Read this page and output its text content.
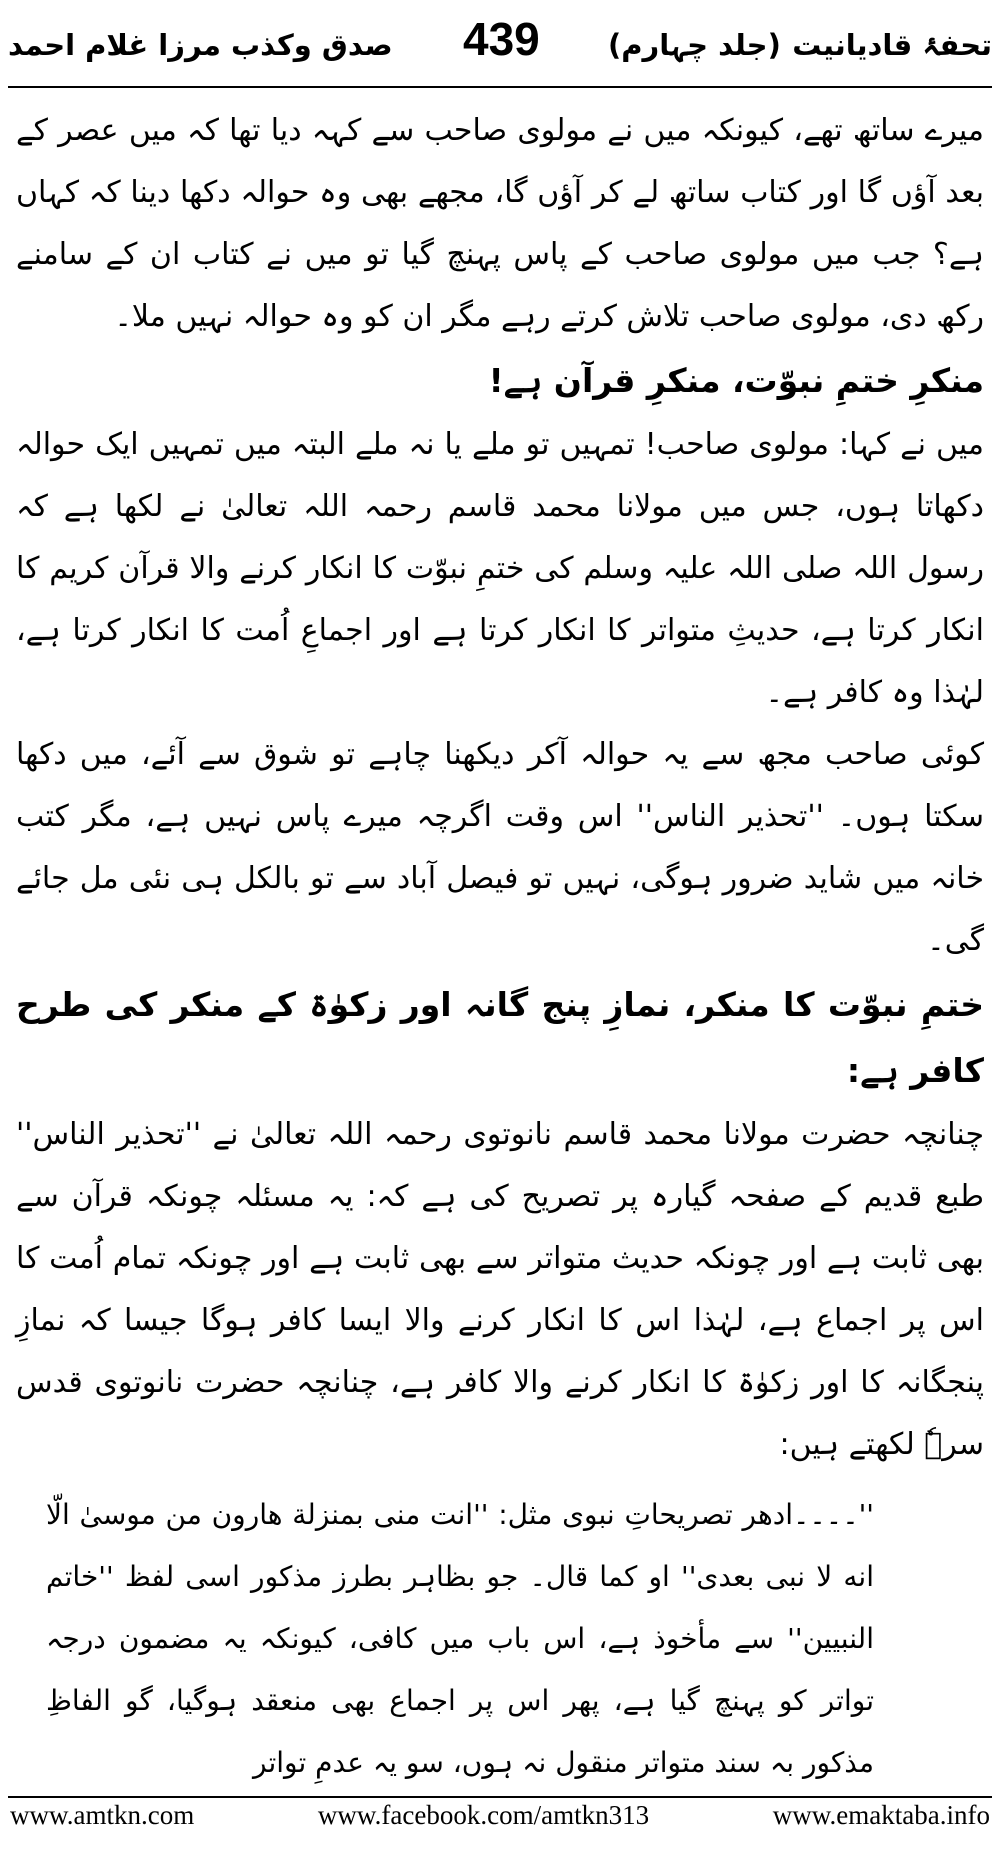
صدق وکذب مرزا غلام احمد 439 (جلد چہارم) تحفۂ قادیانیت

میرے ساتھ تھے، کیونکہ میں نے مولوی صاحب سے کہہ دیا تھا کہ میں عصر کے بعد آؤں گا اور کتاب ساتھ لے کر آؤں گا، مجھے بھی وہ حوالہ دکھا دینا کہ کہاں ہے؟ جب میں مولوی صاحب کے پاس پہنچ گیا تو میں نے کتاب ان کے سامنے رکھ دی، مولوی صاحب تلاش کرتے رہے مگر ان کو وہ حوالہ نہیں ملا۔

منکرِ ختمِ نبوّت، منکرِ قرآن ہے!

میں نے کہا: مولوی صاحب! تمہیں تو ملے یا نہ ملے البتہ میں تمہیں ایک حوالہ دکھاتا ہوں، جس میں مولانا محمد قاسم رحمہ اللہ تعالیٰ نے لکھا ہے کہ رسول اللہ صلی اللہ علیہ وسلم کی ختمِ نبوّت کا انکار کرنے والا قرآن کریم کا انکار کرتا ہے، حدیثِ متواتر کا انکار کرتا ہے اور اجماعِ اُمت کا انکار کرتا ہے، لہٰذا وہ کافر ہے۔

کوئی صاحب مجھ سے یہ حوالہ آکر دیکھنا چاہے تو شوق سے آئے، میں دکھا سکتا ہوں۔ ''تحذیر الناس'' اس وقت اگرچہ میرے پاس نہیں ہے، مگر کتب خانہ میں شاید ضرور ہوگی، نہیں تو فیصل آباد سے تو بالکل ہی نئی مل جائے گی۔

ختمِ نبوّت کا منکر، نمازِ پنج گانہ اور زکوٰۃ کے منکر کی طرح کافر ہے:

چنانچہ حضرت مولانا محمد قاسم نانوتوی رحمہ اللہ تعالیٰ نے ''تحذیر الناس'' طبع قدیم کے صفحہ گیارہ پر تصریح کی ہے کہ: یہ مسئلہ چونکہ قرآن سے بھی ثابت ہے اور چونکہ حدیث متواتر سے بھی ثابت ہے اور چونکہ تمام اُمت کا اس پر اجماع ہے، لہٰذا اس کا انکار کرنے والا ایسا کافر ہوگا جیسا کہ نمازِ پنجگانہ کا اور زکوٰۃ کا انکار کرنے والا کافر ہے، چنانچہ حضرت نانوتوی قدس سرہٗ لکھتے ہیں:

''۔۔۔۔ادھر تصریحاتِ نبوی مثل: ''انت منی بمنزلة هارون من موسیٰ الّا انه لا نبی بعدی'' او کما قال۔ جو بظاہر بطرز مذکور اسی لفظ ''خاتم النبیین'' سے مأخوذ ہے، اس باب میں کافی، کیونکہ یہ مضمون درجہ تواتر کو پہنچ گیا ہے، پھر اس پر اجماع بھی منعقد ہوگیا، گو الفاظِ مذکور بہ سند متواتر منقول نہ ہوں، سو یہ عدمِ تواتر

www.amtkn.com	www.facebook.com/amtkn313	www.emaktaba.info
